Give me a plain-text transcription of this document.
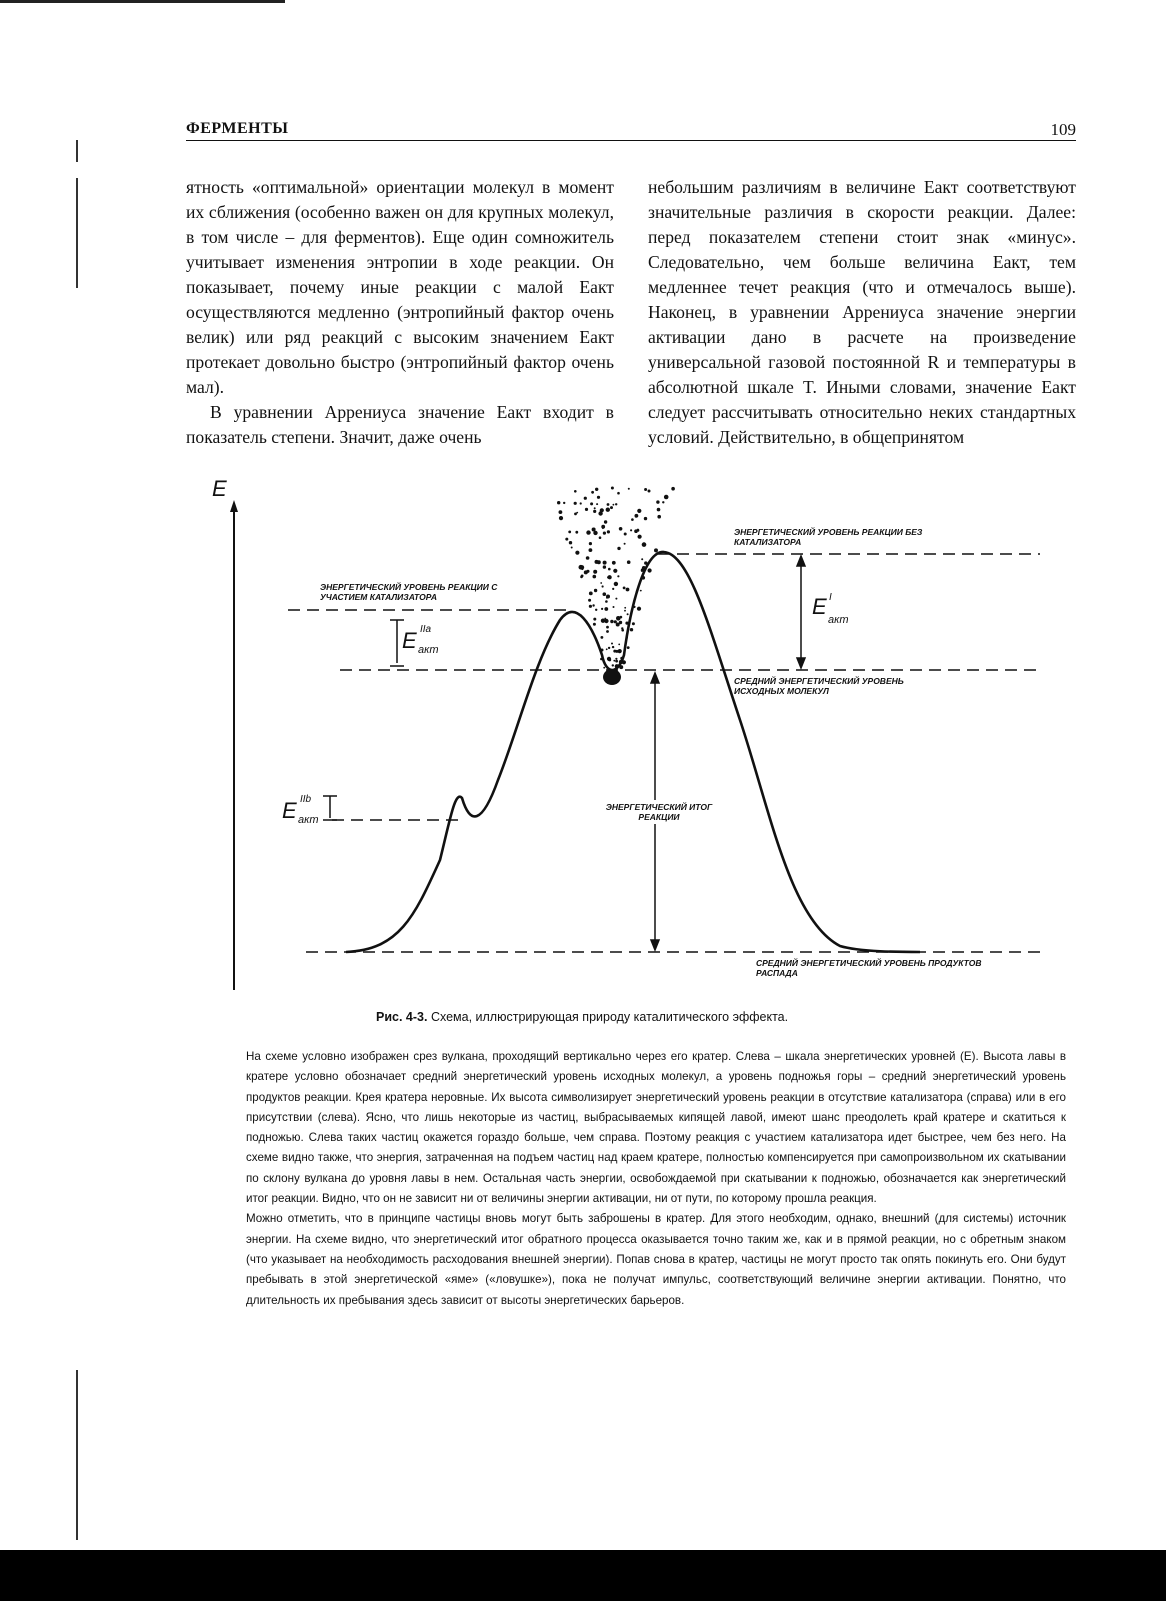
ФЕРМЕНТЫ	109

ятность «оптимальной» ориентации молекул в момент их сближения (особенно важен он для крупных молекул, в том числе – для ферментов). Еще один сомножитель учитывает изменения энтропии в ходе реакции. Он показывает, почему иные реакции с малой Eакт осуществляются медленно (энтропийный фактор очень велик) или ряд реакций с высоким значением Eакт протекает довольно быстро (энтропийный фактор очень мал).

В уравнении Аррениуса значение Eакт входит в показатель степени. Значит, даже очень

небольшим различиям в величине Eакт соответствуют значительные различия в скорости реакции. Далее: перед показателем степени стоит знак «минус». Следовательно, чем больше величина Eакт, тем медленнее течет реакция (что и отмечалось выше). Наконец, в уравнении Аррениуса значение энергии активации дано в расчете на произведение универсальной газовой постоянной R и температуры в абсолютной шкале T. Иными словами, значение Eакт следует рассчитывать относительно неких стандартных условий. Действительно, в общепринятом

E
ЭНЕРГЕТИЧЕСКИЙ УРОВЕНЬ РЕАКЦИИ БЕЗ КАТАЛИЗАТОРА
ЭНЕРГЕТИЧЕСКИЙ УРОВЕНЬ РЕАКЦИИ С УЧАСТИЕМ КАТАЛИЗАТОРА
СРЕДНИЙ ЭНЕРГЕТИЧЕСКИЙ УРОВЕНЬ ИСХОДНЫХ МОЛЕКУЛ
ЭНЕРГЕТИЧЕСКИЙ ИТОГ РЕАКЦИИ
СРЕДНИЙ ЭНЕРГЕТИЧЕСКИЙ УРОВЕНЬ ПРОДУКТОВ РАСПАДА
E I
акт
E IIa
акт
E IIb
акт
Рис. 4-3. Схема, иллюстрирующая природу каталитического эффекта.

На схеме условно изображен срез вулкана, проходящий вертикально через его кратер. Слева – шкала энергетических уровней (E). Высота лавы в кратере условно обозначает средний энергетический уровень исходных молекул, а уровень подножья горы – средний энергетический уровень продуктов реакции. Крея кратера неровные. Их высота символизирует энергетический уровень реакции в отсутствие катализатора (справа) или в его присутствии (слева). Ясно, что лишь некоторые из частиц, выбрасываемых кипящей лавой, имеют шанс преодолеть край кратере и скатиться к подножью. Слева таких частиц окажется гораздо больше, чем справа. Поэтому реакция с участием катализатора идет быстрее, чем без него. На схеме видно также, что энергия, затраченная на подъем частиц над краем кратере, полностью компенсируется при самопроизвольном их скатывании по склону вулкана до уровня лавы в нем. Остальная часть энергии, освобождаемой при скатывании к подножью, обозначается как энергетический итог реакции. Видно, что он не зависит ни от величины энергии активации, ни от пути, по которому прошла реакция.

Можно отметить, что в принципе частицы вновь могут быть заброшены в кратер. Для этого необходим, однако, внешний (для системы) источник энергии. На схеме видно, что энергетический итог обратного процесса оказывается точно таким же, как и в прямой реакции, но с обретным знаком (что указывает на необходимость расходования внешней энергии). Попав снова в кратер, частицы не могут просто так опять покинуть его. Они будут пребывать в этой энергетической «яме» («ловушке»), пока не получат импульс, соответствующий величине энергии активации. Понятно, что длительность их пребывания здесь зависит от высоты энергетических барьеров.
